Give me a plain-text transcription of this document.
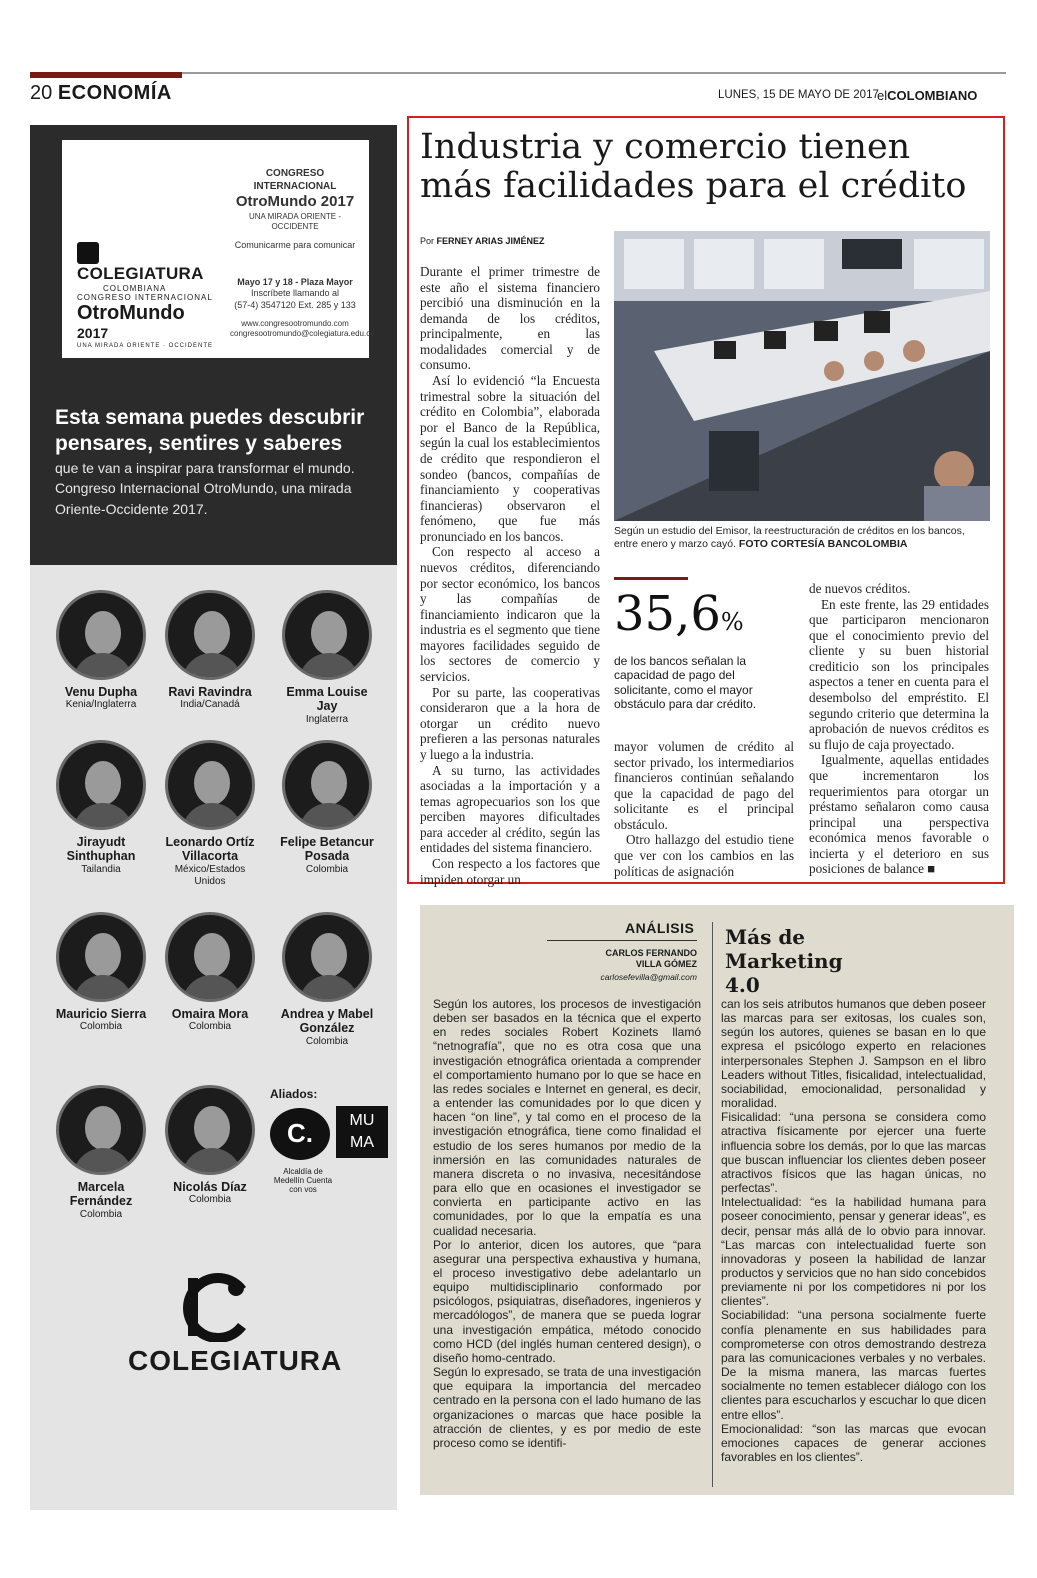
20 ECONOMÍA	LUNES, 15 DE MAYO DE 2017
elCOLOMBIANO
COLEGIATURA
COLOMBIANA
CONGRESO INTERNACIONAL
OtroMundo 2017
UNA MIRADA ORIENTE · OCCIDENTE
CONGRESO INTERNACIONAL
OtroMundo 2017
UNA MIRADA ORIENTE - OCCIDENTE
Comunicarme para comunicar
Mayo 17 y 18 - Plaza Mayor
Inscríbete llamando al
(57-4) 3547120 Ext. 285 y 133
www.congresootromundo.com
congresootromundo@colegiatura.edu.co
Esta semana puedes descubrir pensares, sentires y saberes
que te van a inspirar para transformar el mundo. Congreso Internacional OtroMundo, una mirada Oriente-Occidente 2017.
Venu Dupha
Kenia/Inglaterra
Ravi Ravindra
India/Canadá
Emma Louise Jay
Inglaterra
Jirayudt Sinthuphan
Tailandia
Leonardo Ortíz Villacorta
México/Estados Unidos
Felipe Betancur Posada
Colombia
Mauricio Sierra
Colombia
Omaira Mora
Colombia
Andrea y Mabel González
Colombia
Marcela Fernández
Colombia
Nicolás Díaz
Colombia
Aliados:
C.	MU MA
Alcaldía de Medellín Cuenta con vos
COLEGIATURA
Industria y comercio tienen más facilidades para el crédito
Por FERNEY ARIAS JIMÉNEZ

Durante el primer trimestre de este año el sistema financiero percibió una disminución en la demanda de los créditos, principalmente, en las modalidades comercial y de consumo.

Así lo evidenció “la Encuesta trimestral sobre la situación del crédito en Colombia”, elaborada por el Banco de la República, según la cual los establecimientos de crédito que respondieron el sondeo (bancos, compañías de financiamiento y cooperativas financieras) observaron el fenómeno, que fue más pronunciado en los bancos.

Con respecto al acceso a nuevos créditos, diferenciando por sector económico, los bancos y las compañías de financiamiento indicaron que la industria es el segmento que tiene mayores facilidades seguido de los sectores de comercio y servicios.

Por su parte, las cooperativas consideraron que a la hora de otorgar un crédito nuevo prefieren a las personas naturales y luego a la industria.

A su turno, las actividades asociadas a la importación y a temas agropecuarios son los que perciben mayores dificultades para acceder al crédito, según las entidades del sistema financiero.

Con respecto a los factores que impiden otorgar un

Según un estudio del Emisor, la reestructuración de créditos en los bancos, entre enero y marzo cayó. FOTO CORTESÍA BANCOLOMBIA
35,6%
de los bancos señalan la capacidad de pago del solicitante, como el mayor obstáculo para dar crédito.

mayor volumen de crédito al sector privado, los intermediarios financieros continúan señalando que la capacidad de pago del solicitante es el principal obstáculo.

Otro hallazgo del estudio tiene que ver con los cambios en las políticas de asignación

de nuevos créditos.

En este frente, las 29 entidades que participaron mencionaron que el conocimiento previo del cliente y su buen historial crediticio son los principales aspectos a tener en cuenta para el desembolso del empréstito. El segundo criterio que determina la aprobación de nuevos créditos es su flujo de caja proyectado.

Igualmente, aquellas entidades que incrementaron los requerimientos para otorgar un préstamo señalaron como causa principal una perspectiva económica menos favorable o incierta y el deterioro en sus posiciones de balance ■

ANÁLISIS
CARLOS FERNANDO
VILLA GÓMEZ
carlosefevilla@gmail.com
Más de Marketing 4.0

Según los autores, los procesos de investigación deben ser basados en la técnica que el experto en redes sociales Robert Kozinets llamó “netnografía”, que no es otra cosa que una investigación etnográfica orientada a comprender el comportamiento humano por lo que se hace en las redes sociales e Internet en general, es decir, a entender las comunidades por lo que dicen y hacen “on line”, y tal como en el proceso de la investigación etnográfica, tiene como finalidad el estudio de los seres humanos por medio de la inmersión en las comunidades naturales de manera discreta o no invasiva, necesitándose para ello que en ocasiones el investigador se convierta en participante activo en las comunidades, por lo que la empatía es una cualidad necesaria.

Por lo anterior, dicen los autores, que “para asegurar una perspectiva exhaustiva y humana, el proceso investigativo debe adelantarlo un equipo multidisciplinario conformado por psicólogos, psiquiatras, diseñadores, ingenieros y mercadólogos”, de manera que se pueda lograr una investigación empática, método conocido como HCD (del inglés human centered design), o diseño homo-centrado.

Según lo expresado, se trata de una investigación que equipara la importancia del mercadeo centrado en la persona con el lado humano de las organizaciones o marcas que hace posible la atracción de clientes, y es por medio de este proceso como se identifi-

can los seis atributos humanos que deben poseer las marcas para ser exitosas, los cuales son, según los autores, quienes se basan en lo que expresa el psicólogo experto en relaciones interpersonales Stephen J. Sampson en el libro Leaders without Titles, fisicalidad, intelectualidad, sociabilidad, emocionalidad, personalidad y moralidad.

Fisicalidad: “una persona se considera como atractiva físicamente por ejercer una fuerte influencia sobre los demás, por lo que las marcas que buscan influenciar los clientes deben poseer atractivos físicos que las hagan únicas, no perfectas”.

Intelectualidad: “es la habilidad humana para poseer conocimiento, pensar y generar ideas”, es decir, pensar más allá de lo obvio para innovar. “Las marcas con intelectualidad fuerte son innovadoras y poseen la habilidad de lanzar productos y servicios que no han sido concebidos previamente ni por los competidores ni por los clientes”.

Sociabilidad: “una persona socialmente fuerte confía plenamente en sus habilidades para comprometerse con otros demostrando destreza para las comunicaciones verbales y no verbales. De la misma manera, las marcas fuertes socialmente no temen establecer diálogo con los clientes para escucharlos y escuchar lo que dicen entre ellos”.

Emocionalidad: “son las marcas que evocan emociones capaces de generar acciones favorables en los clientes”.
